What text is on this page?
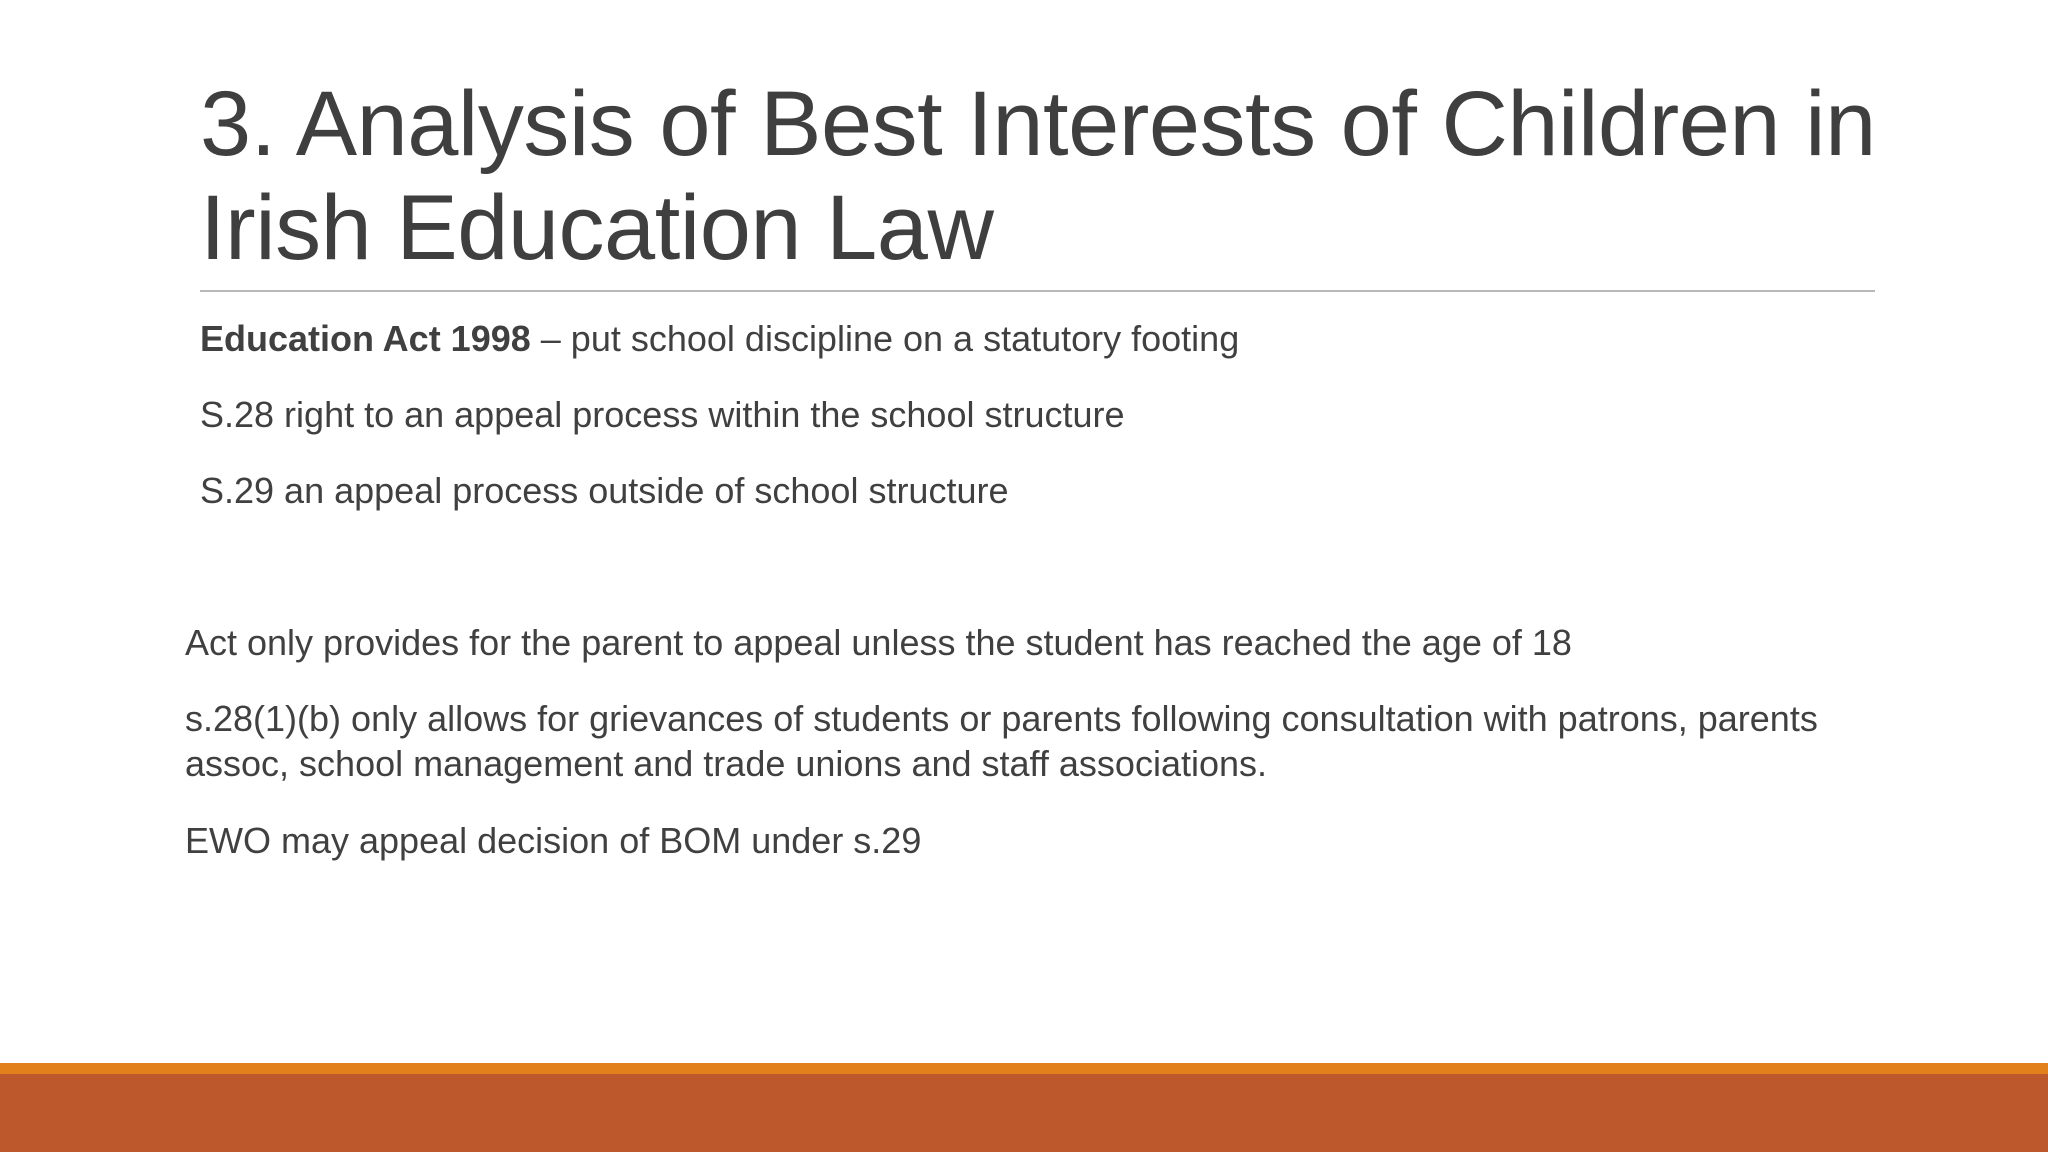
3. Analysis of Best Interests of Children in Irish Education Law

Education Act 1998 – put school discipline on a statutory footing

S.28 right to an appeal process within the school structure

S.29 an appeal process outside of school structure

Act only provides for the parent to appeal unless the student has reached the age of 18

s.28(1)(b) only allows for grievances of students or parents following consultation with patrons, parents assoc, school management and trade unions and staff associations.

EWO may appeal decision of BOM under s.29
